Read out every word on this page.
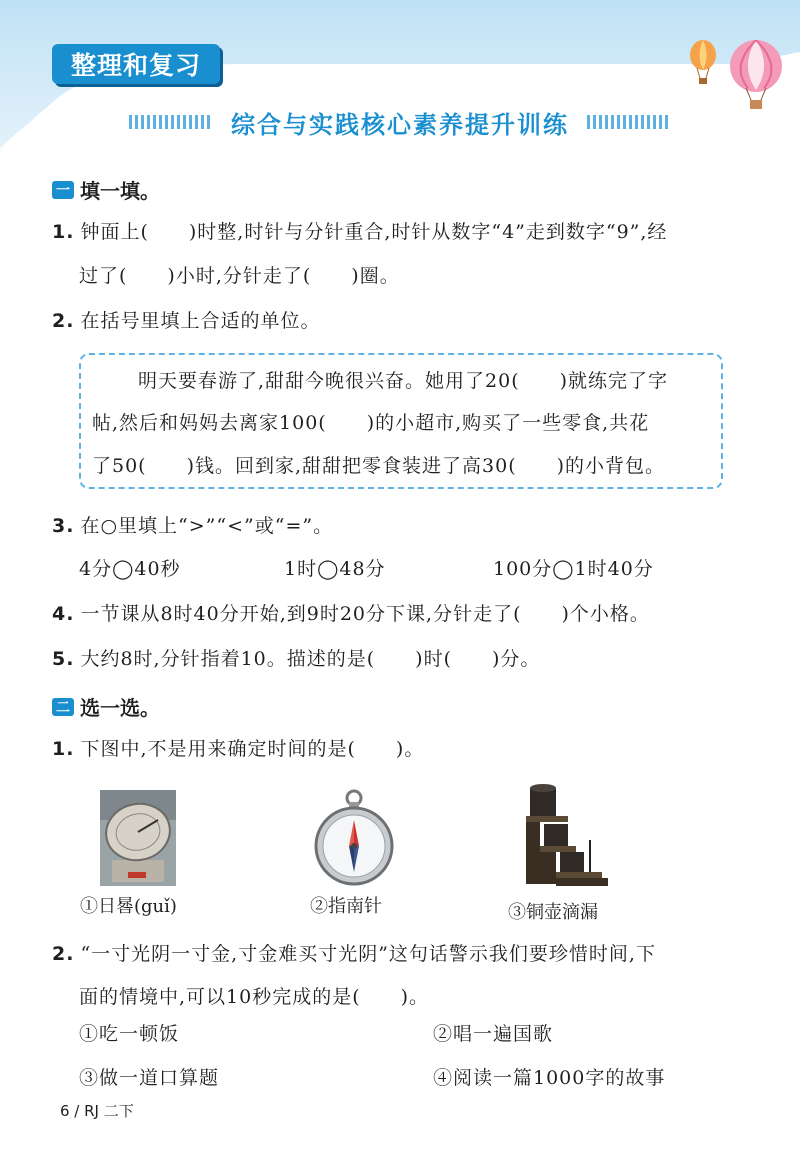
整理和复习
综合与实践核心素养提升训练
一 填一填。
1. 钟面上(　　)时整,时针与分针重合,时针从数字“4”走到数字“9”,经
过了(　　)小时,分针走了(　　)圈。
2. 在括号里填上合适的单位。
明天要春游了,甜甜今晚很兴奋。她用了20(　　)就练完了字
帖,然后和妈妈去离家100(　　)的小超市,购买了一些零食,共花
了50(　　)钱。回到家,甜甜把零食装进了高30(　　)的小背包。
3. 在○里填上“>”“<”或“=”。
4分◯40秒	1时◯48分	100分◯1时40分
4. 一节课从8时40分开始,到9时20分下课,分针走了(　　)个小格。
5. 大约8时,分针指着10。描述的是(　　)时(　　)分。
二 选一选。
1. 下图中,不是用来确定时间的是(　　)。
①日晷(guǐ)	②指南针	③铜壶滴漏
2. “一寸光阴一寸金,寸金难买寸光阴”这句话警示我们要珍惜时间,下
面的情境中,可以10秒完成的是(　　)。
①吃一顿饭	②唱一遍国歌
③做一道口算题	④阅读一篇1000字的故事
6 / RJ 二下
